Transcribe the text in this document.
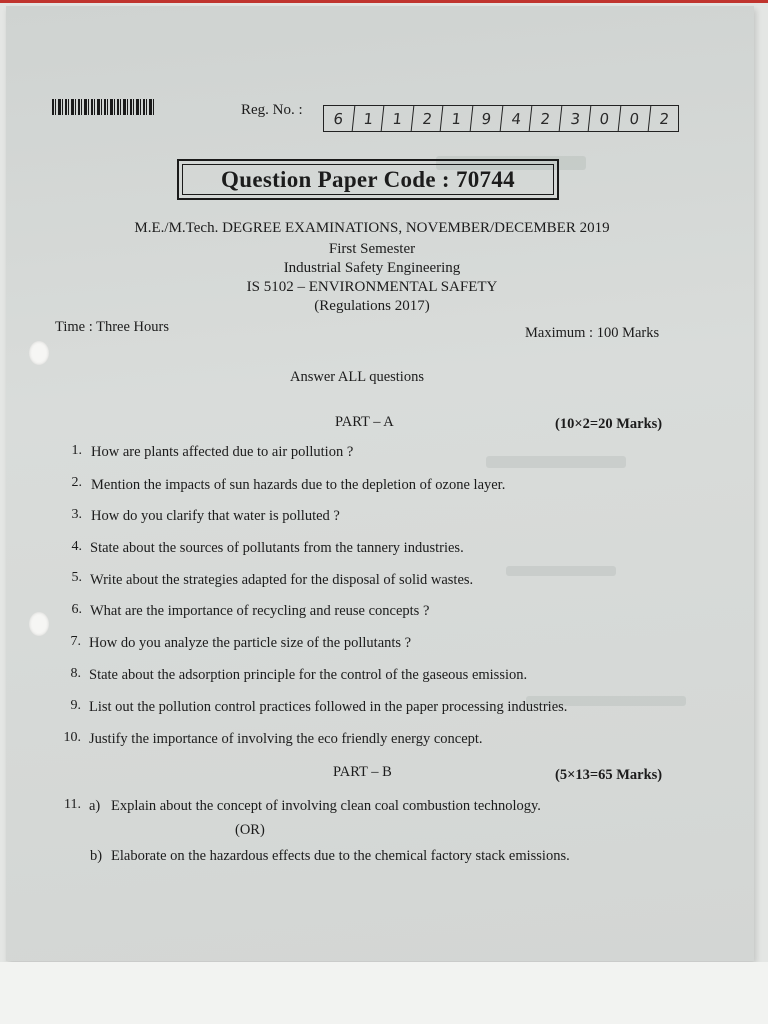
Reg. No. :	6	1	1	2	1	9	4	2	3	0	0	2
Question Paper Code : 70744
M.E./M.Tech. DEGREE EXAMINATIONS, NOVEMBER/DECEMBER 2019
First Semester
Industrial Safety Engineering
IS 5102 – ENVIRONMENTAL SAFETY
(Regulations 2017)
Time : Three Hours	Maximum : 100 Marks
Answer ALL questions
PART – A	(10×2=20 Marks)
1. How are plants affected due to air pollution ?
2. Mention the impacts of sun hazards due to the depletion of ozone layer.
3. How do you clarify that water is polluted ?
4. State about the sources of pollutants from the tannery industries.
5. Write about the strategies adapted for the disposal of solid wastes.
6. What are the importance of recycling and reuse concepts ?
7. How do you analyze the particle size of the pollutants ?
8. State about the adsorption principle for the control of the gaseous emission.
9. List out the pollution control practices followed in the paper processing industries.
10. Justify the importance of involving the eco friendly energy concept.
PART – B	(5×13=65 Marks)
11. a) Explain about the concept of involving clean coal combustion technology.
(OR)
b) Elaborate on the hazardous effects due to the chemical factory stack emissions.
